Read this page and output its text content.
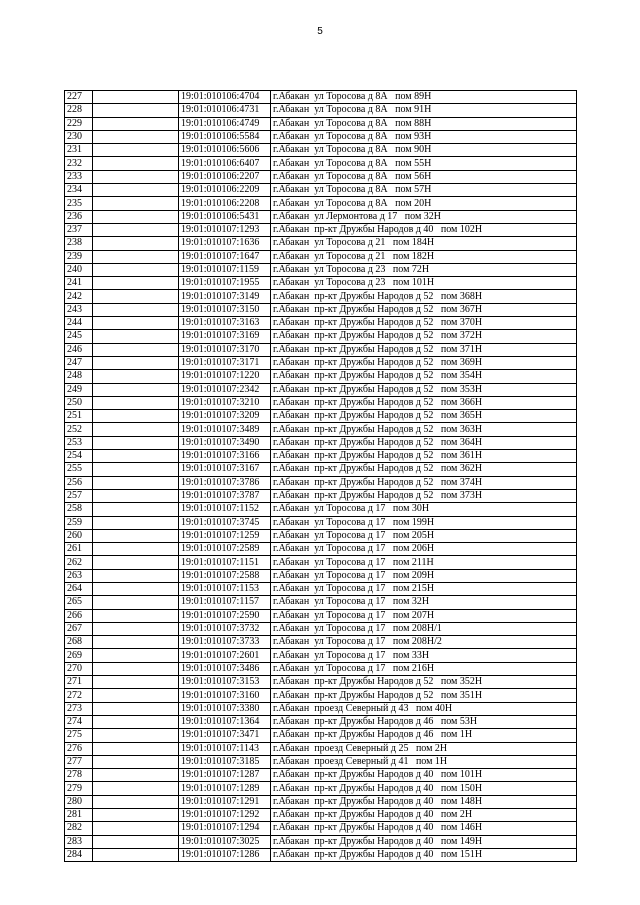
5
227		19:01:010106:4704	г.Абакан  ул Торосова д 8А   пом 89Н
228		19:01:010106:4731	г.Абакан  ул Торосова д 8А   пом 91Н
229		19:01:010106:4749	г.Абакан  ул Торосова д 8А   пом 88Н
230		19:01:010106:5584	г.Абакан  ул Торосова д 8А   пом 93Н
231		19:01:010106:5606	г.Абакан  ул Торосова д 8А   пом 90Н
232		19:01:010106:6407	г.Абакан  ул Торосова д 8А   пом 55Н
233		19:01:010106:2207	г.Абакан  ул Торосова д 8А   пом 56Н
234		19:01:010106:2209	г.Абакан  ул Торосова д 8А   пом 57Н
235		19:01:010106:2208	г.Абакан  ул Торосова д 8А   пом 20Н
236		19:01:010106:5431	г.Абакан  ул Лермонтова д 17   пом 32Н
237		19:01:010107:1293	г.Абакан  пр-кт Дружбы Народов д 40   пом 102Н
238		19:01:010107:1636	г.Абакан  ул Торосова д 21   пом 184Н
239		19:01:010107:1647	г.Абакан  ул Торосова д 21   пом 182Н
240		19:01:010107:1159	г.Абакан  ул Торосова д 23   пом 72Н
241		19:01:010107:1955	г.Абакан  ул Торосова д 23   пом 101Н
242		19:01:010107:3149	г.Абакан  пр-кт Дружбы Народов д 52   пом 368Н
243		19:01:010107:3150	г.Абакан  пр-кт Дружбы Народов д 52   пом 367Н
244		19:01:010107:3163	г.Абакан  пр-кт Дружбы Народов д 52   пом 370Н
245		19:01:010107:3169	г.Абакан  пр-кт Дружбы Народов д 52   пом 372Н
246		19:01:010107:3170	г.Абакан  пр-кт Дружбы Народов д 52   пом 371Н
247		19:01:010107:3171	г.Абакан  пр-кт Дружбы Народов д 52   пом 369Н
248		19:01:010107:1220	г.Абакан  пр-кт Дружбы Народов д 52   пом 354Н
249		19:01:010107:2342	г.Абакан  пр-кт Дружбы Народов д 52   пом 353Н
250		19:01:010107:3210	г.Абакан  пр-кт Дружбы Народов д 52   пом 366Н
251		19:01:010107:3209	г.Абакан  пр-кт Дружбы Народов д 52   пом 365Н
252		19:01:010107:3489	г.Абакан  пр-кт Дружбы Народов д 52   пом 363Н
253		19:01:010107:3490	г.Абакан  пр-кт Дружбы Народов д 52   пом 364Н
254		19:01:010107:3166	г.Абакан  пр-кт Дружбы Народов д 52   пом 361Н
255		19:01:010107:3167	г.Абакан  пр-кт Дружбы Народов д 52   пом 362Н
256		19:01:010107:3786	г.Абакан  пр-кт Дружбы Народов д 52   пом 374Н
257		19:01:010107:3787	г.Абакан  пр-кт Дружбы Народов д 52   пом 373Н
258		19:01:010107:1152	г.Абакан  ул Торосова д 17   пом 30Н
259		19:01:010107:3745	г.Абакан  ул Торосова д 17   пом 199Н
260		19:01:010107:1259	г.Абакан  ул Торосова д 17   пом 205Н
261		19:01:010107:2589	г.Абакан  ул Торосова д 17   пом 206Н
262		19:01:010107:1151	г.Абакан  ул Торосова д 17   пом 211Н
263		19:01:010107:2588	г.Абакан  ул Торосова д 17   пом 209Н
264		19:01:010107:1153	г.Абакан  ул Торосова д 17   пом 215Н
265		19:01:010107:1157	г.Абакан  ул Торосова д 17   пом 32Н
266		19:01:010107:2590	г.Абакан  ул Торосова д 17   пом 207Н
267		19:01:010107:3732	г.Абакан  ул Торосова д 17   пом 208Н/1
268		19:01:010107:3733	г.Абакан  ул Торосова д 17   пом 208Н/2
269		19:01:010107:2601	г.Абакан  ул Торосова д 17   пом 33Н
270		19:01:010107:3486	г.Абакан  ул Торосова д 17   пом 216Н
271		19:01:010107:3153	г.Абакан  пр-кт Дружбы Народов д 52   пом 352Н
272		19:01:010107:3160	г.Абакан  пр-кт Дружбы Народов д 52   пом 351Н
273		19:01:010107:3380	г.Абакан  проезд Северный д 43   пом 40Н
274		19:01:010107:1364	г.Абакан  пр-кт Дружбы Народов д 46   пом 53Н
275		19:01:010107:3471	г.Абакан  пр-кт Дружбы Народов д 46   пом 1Н
276		19:01:010107:1143	г.Абакан  проезд Северный д 25   пом 2Н
277		19:01:010107:3185	г.Абакан  проезд Северный д 41   пом 1Н
278		19:01:010107:1287	г.Абакан  пр-кт Дружбы Народов д 40   пом 101Н
279		19:01:010107:1289	г.Абакан  пр-кт Дружбы Народов д 40   пом 150Н
280		19:01:010107:1291	г.Абакан  пр-кт Дружбы Народов д 40   пом 148Н
281		19:01:010107:1292	г.Абакан  пр-кт Дружбы Народов д 40   пом 2Н
282		19:01:010107:1294	г.Абакан  пр-кт Дружбы Народов д 40   пом 146Н
283		19:01:010107:3025	г.Абакан  пр-кт Дружбы Народов д 40   пом 149Н
284		19:01:010107:1286	г.Абакан  пр-кт Дружбы Народов д 40   пом 151Н
